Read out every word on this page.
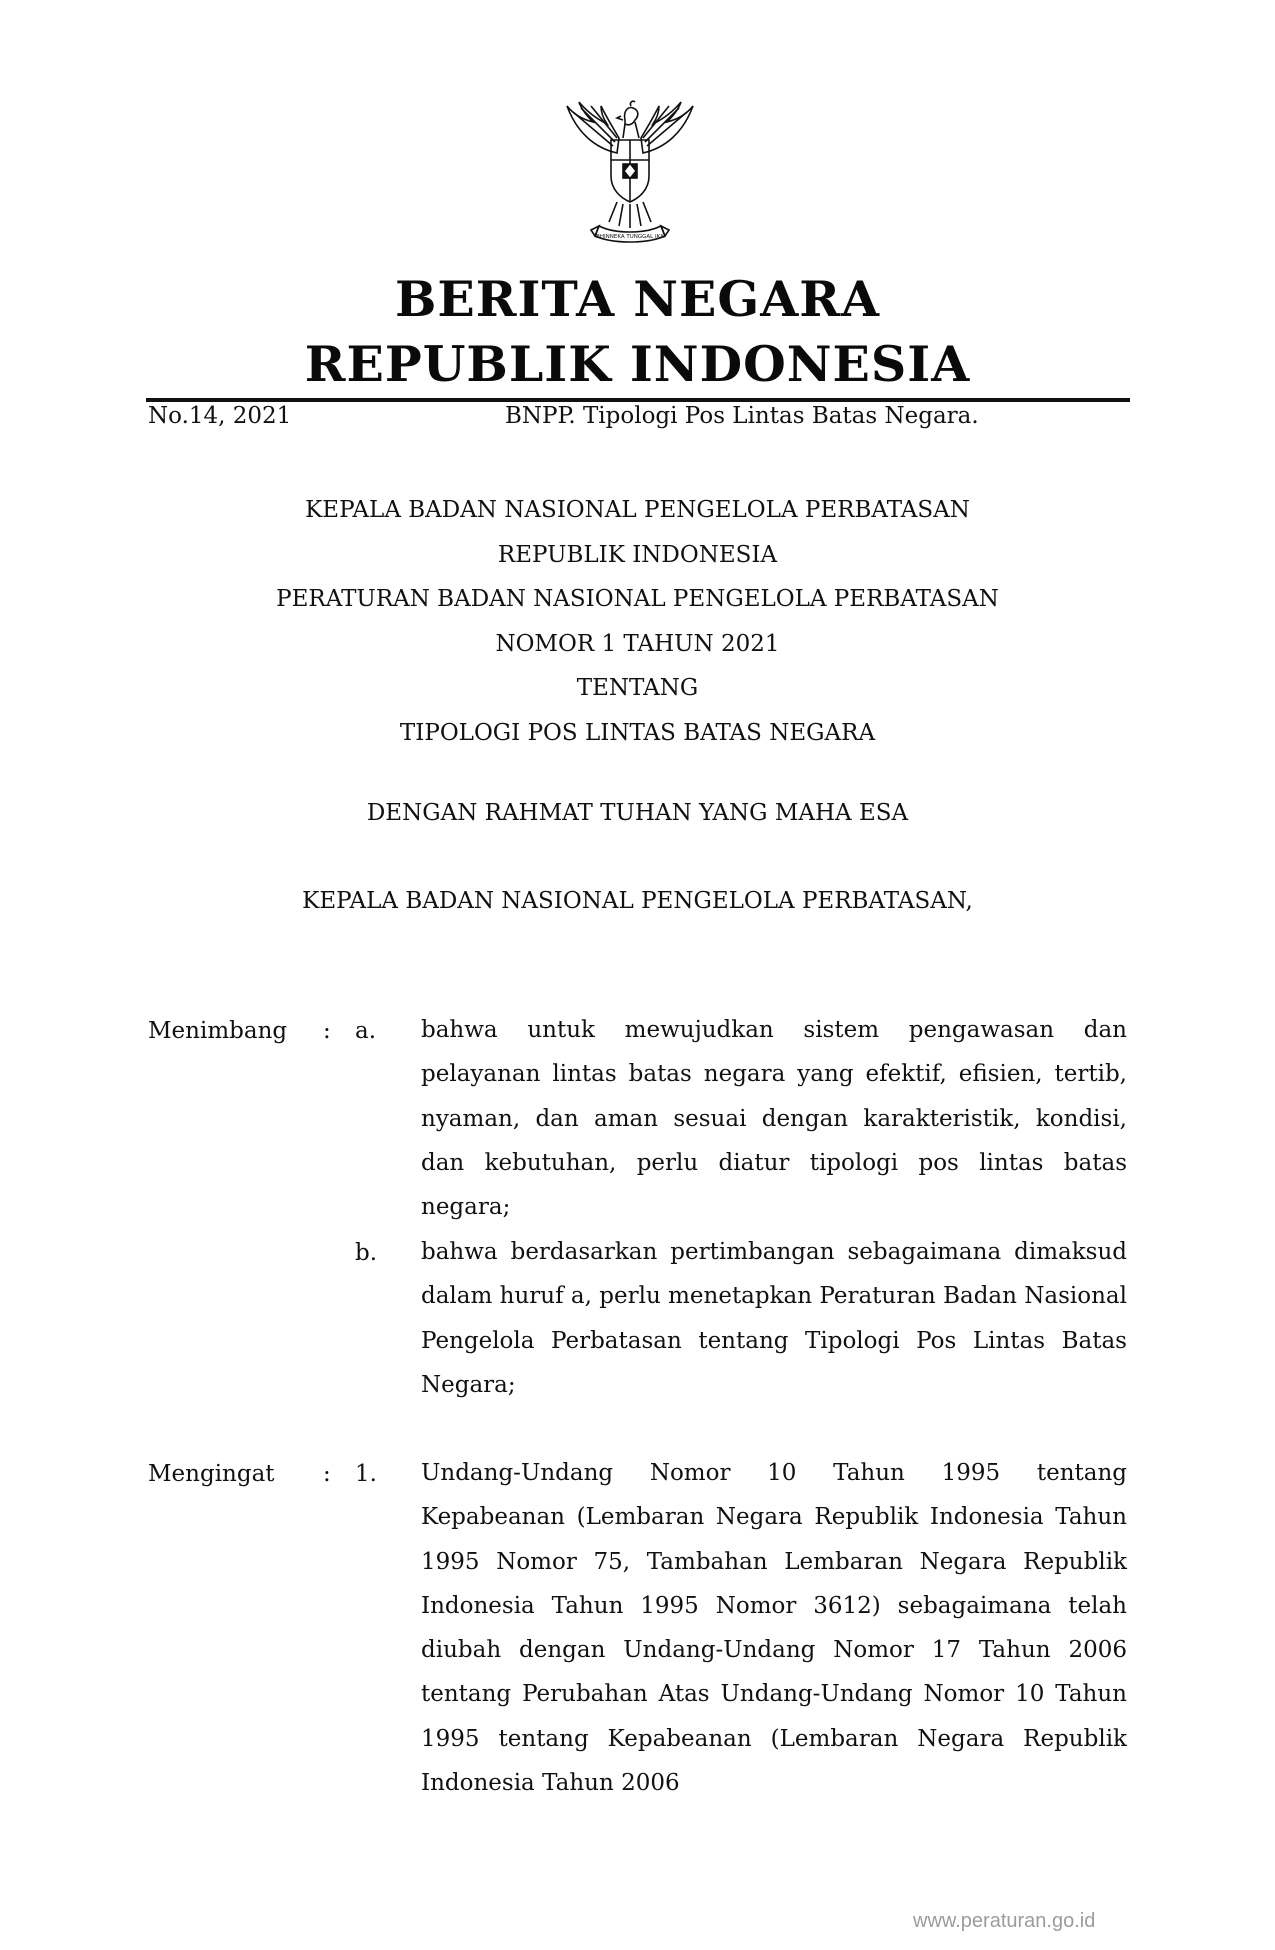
BHINNEKA TUNGGAL IKA
BERITA NEGARA
REPUBLIK INDONESIA
No.14, 2021	BNPP. Tipologi Pos Lintas Batas Negara.
KEPALA BADAN NASIONAL PENGELOLA PERBATASAN
REPUBLIK INDONESIA
PERATURAN BADAN NASIONAL PENGELOLA PERBATASAN
NOMOR 1 TAHUN 2021
TENTANG
TIPOLOGI POS LINTAS BATAS NEGARA
DENGAN RAHMAT TUHAN YANG MAHA ESA
KEPALA BADAN NASIONAL PENGELOLA PERBATASAN,
Menimbang : a. bahwa untuk mewujudkan sistem pengawasan dan pelayanan lintas batas negara yang efektif, efisien, tertib, nyaman, dan aman sesuai dengan karakteristik, kondisi, dan kebutuhan, perlu diatur tipologi pos lintas batas negara;
b. bahwa berdasarkan pertimbangan sebagaimana dimaksud dalam huruf a, perlu menetapkan Peraturan Badan Nasional Pengelola Perbatasan tentang Tipologi Pos Lintas Batas Negara;
Mengingat : 1. Undang-Undang Nomor 10 Tahun 1995 tentang Kepabeanan (Lembaran Negara Republik Indonesia Tahun 1995 Nomor 75, Tambahan Lembaran Negara Republik Indonesia Tahun 1995 Nomor 3612) sebagaimana telah diubah dengan Undang-Undang Nomor 17 Tahun 2006 tentang Perubahan Atas Undang-Undang Nomor 10 Tahun 1995 tentang Kepabeanan (Lembaran Negara Republik Indonesia Tahun 2006
www.peraturan.go.id
